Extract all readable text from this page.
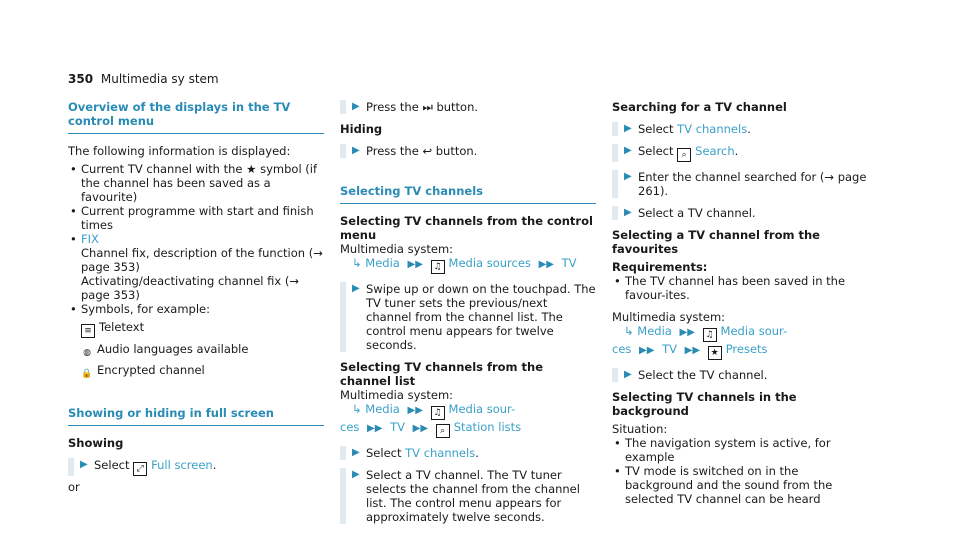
350 Multimedia sy stem
Overview of the displays in the TV control menu

The following information is displayed:

• Current TV channel with the ★ symbol (if the channel has been saved as a favourite)

• Current programme with start and finish times

• FIX

Channel fix, description of the function (→ page 353)

Activating/deactivating channel fix (→ page 353)

• Symbols, for example:

≡ Teletext
◍ Audio languages available
🔒 Encrypted channel
Showing or hiding in full screen
Showing
▶ Select ⤢ Full screen.

or

▶ Press the ⏭ button.
Hiding
▶ Press the ↩ button.
Selecting TV channels
Selecting TV channels from the control menu

Multimedia system:

↳ Media ▶▶ ♫ Media sources ▶▶ TV
▶ Swipe up or down on the touchpad. The TV tuner sets the previous/next channel from the channel list. The control menu appears for twelve seconds.
Selecting TV channels from the channel list

Multimedia system:

↳ Media ▶▶ ♫ Media sour-
ces ▶▶ TV ▶▶ ⌕ Station lists
▶ Select TV channels.
▶ Select a TV channel. The TV tuner selects the channel from the channel list. The control menu appears for approximately twelve seconds.
Searching for a TV channel
▶ Select TV channels.
▶ Select ⌕ Search.
▶ Enter the channel searched for (→ page 261).
▶ Select a TV channel.
Selecting a TV channel from the favourites
Requirements:

• The TV channel has been saved in the favour-ites.

Multimedia system:

↳ Media ▶▶ ♫ Media sour-
ces ▶▶ TV ▶▶ ★ Presets
▶ Select the TV channel.
Selecting TV channels in the background

Situation:

• The navigation system is active, for example

• TV mode is switched on in the background and the sound from the selected TV channel can be heard
